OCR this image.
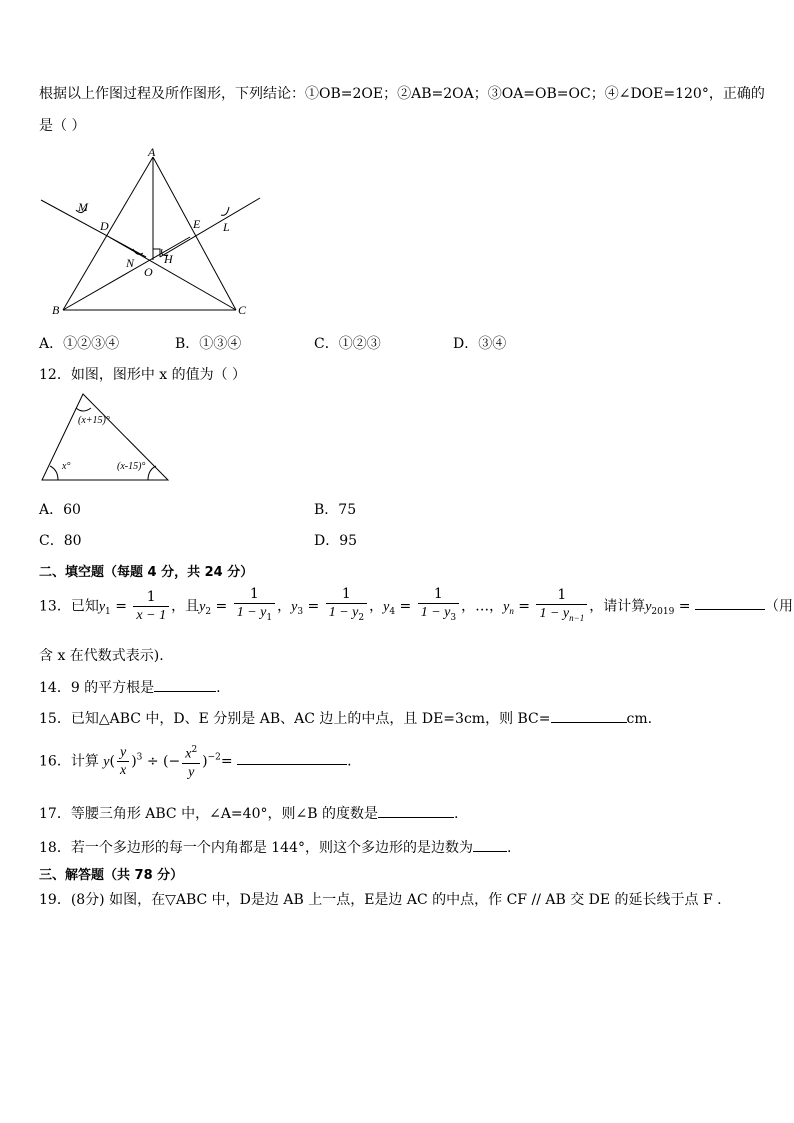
根据以上作图过程及所作图形，下列结论：①OB=2OE；②AB=2OA；③OA=OB=OC；④∠DOE=120°，正确的
是（ ）
A
M
D	E L
N H
O
B	C
A．①②③④	B．①③④	C．①②③	D．③④
12．如图，图形中 x 的值为（ ）
(x+15)°
x°	(x-15)°
A．60	B．75
C．80	D．95
二、填空题（每题 4 分，共 24 分）
13．已知$y_1 = \frac{1}{x - 1}$ ，且$y_2 = \frac{1}{1 - y_1}$ ，$y_3 = \frac{1}{1 - y_2}$ ，$y_4 = \frac{1}{1 - y_3}$ ，…，$y_n = \frac{1}{1 - y_{n-1}}$ ，请计算$y_{2019}$ =	（用
含 x 在代数式表示).
14．9 的平方根是	.
15．已知△ABC 中，D、E 分别是 AB、AC 边上的中点，且 DE=3cm，则 BC=	cm.
16．计算 $y( \frac{y}{x} )^3$ ÷ (− $\frac{x^2}{y} )^{-2}=$	.
17．等腰三角形 ABC 中，∠A=40°，则∠B 的度数是	.
18．若一个多边形的每一个内角都是 144°，则这个多边形的是边数为 .
三、解答题（共 78 分）
19．(8分) 如图，在▽ABC 中，D是边 AB 上一点，E是边 AC 的中点，作 CF // AB 交 DE 的延长线于点 F .
